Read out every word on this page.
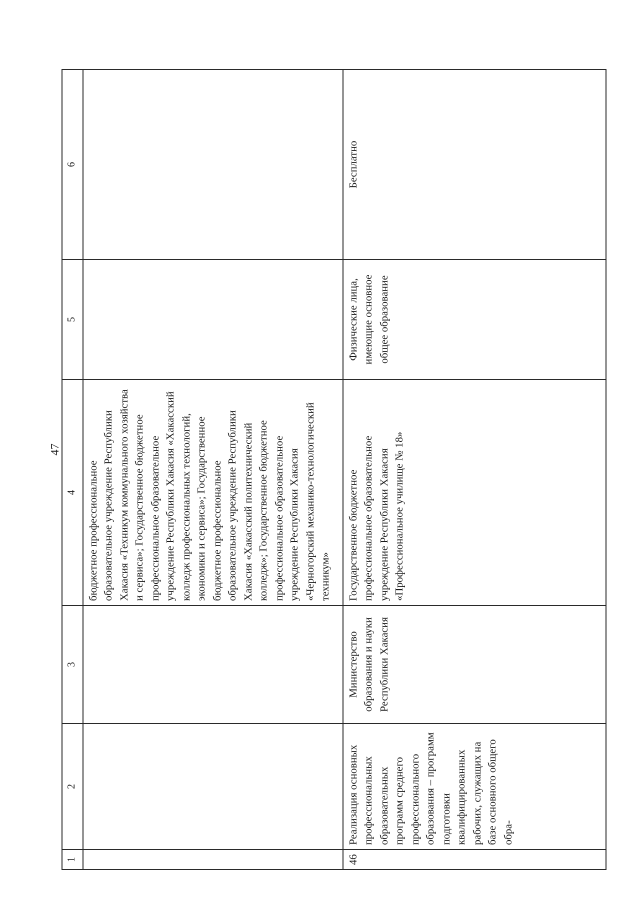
47
1	2	3	4	5	6
			бюджетное профессиональное образовательное учреждение Республики Хакасия «Техникум коммунального хозяйства и сервиса»; Государственное бюджетное профессиональное образовательное учреждение Республики Хакасия «Хакасский колледж профессиональных технологий, экономики и сервиса»; Государственное бюджетное профессиональное образовательное учреждение Республики Хакасия «Хакасский политехнический колледж»; Государственное бюджетное профессиональное образовательное учреждение Республики Хакасия «Черногорский механико-технологический техникум»		
46	Реализация основных профессиональных образовательных программ среднего профессионального образования – программ подготовки квалифицированных рабочих, служащих на базе основного общего обра-	Министерство образования и науки Республики Хакасия	Государственное бюджетное профессиональное образовательное учреждение Республики Хакасия «Профессиональное училище № 18»	Физические лица, имеющие основное общее образование	Бесплатно
